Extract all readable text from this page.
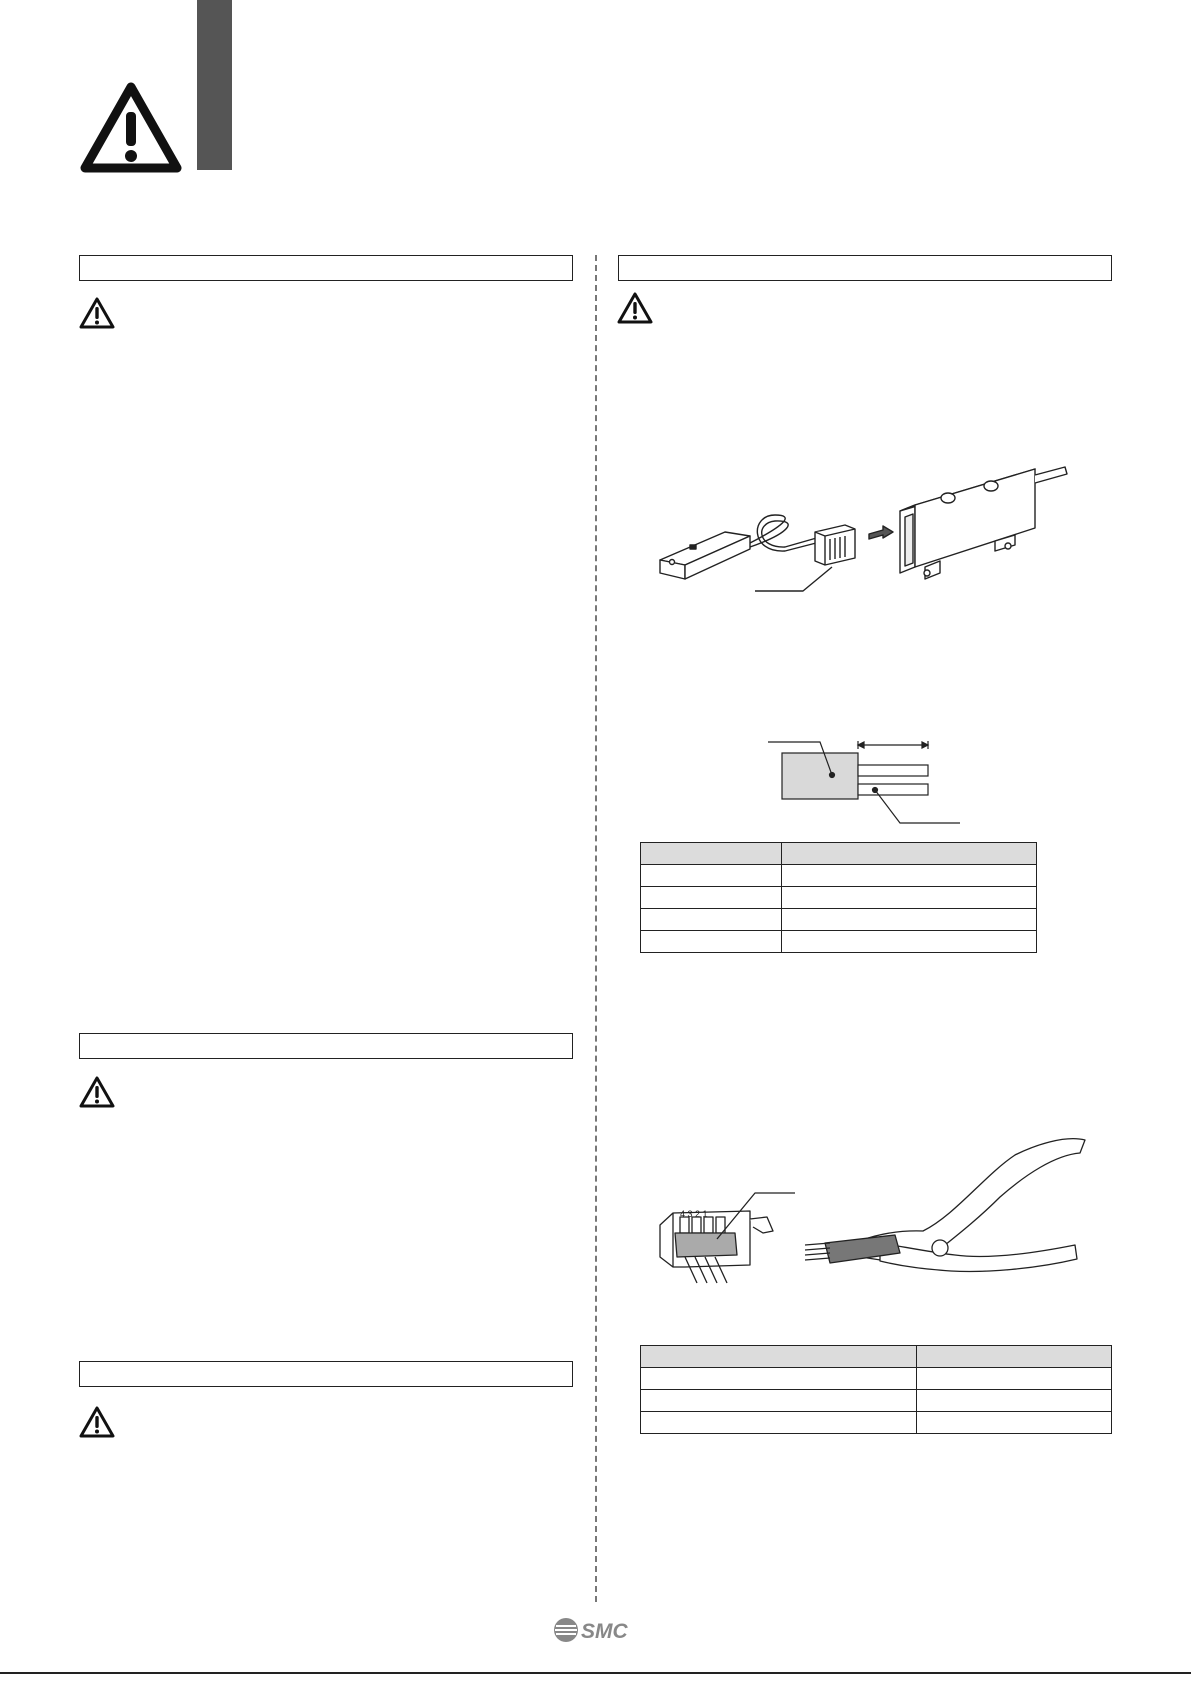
4 3 2 1

SMC
